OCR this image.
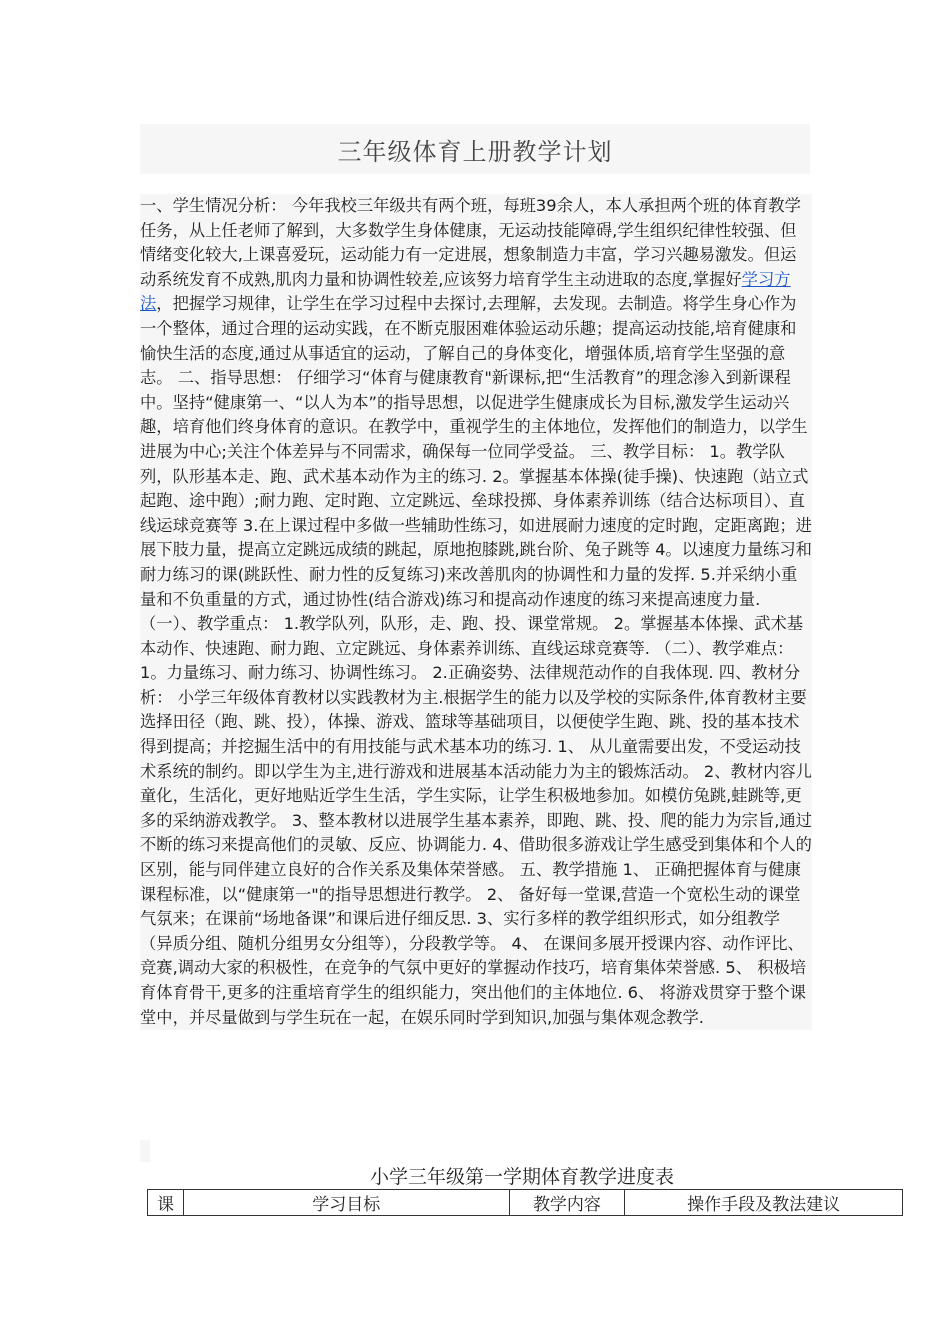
三年级体育上册教学计划
一、学生情况分析： 今年我校三年级共有两个班，每班39余人，本人承担两个班的体育教学任务，从上任老师了解到，大多数学生身体健康，无运动技能障碍,学生组织纪律性较强、但情绪变化较大,上课喜爱玩，运动能力有一定进展，想象制造力丰富，学习兴趣易激发。但运动系统发育不成熟,肌肉力量和协调性较差,应该努力培育学生主动进取的态度,掌握好学习方法，把握学习规律，让学生在学习过程中去探讨,去理解，去发现。去制造。将学生身心作为一个整体，通过合理的运动实践，在不断克服困难体验运动乐趣；提高运动技能,培育健康和愉快生活的态度,通过从事适宜的运动，了解自己的身体变化，增强体质,培育学生坚强的意志。 二、指导思想： 仔细学习“体育与健康教育"新课标,把“生活教育”的理念渗入到新课程中。坚持“健康第一、“以人为本”的指导思想，以促进学生健康成长为目标,激发学生运动兴趣，培育他们终身体育的意识。在教学中，重视学生的主体地位，发挥他们的制造力，以学生进展为中心;关注个体差异与不同需求，确保每一位同学受益。 三、教学目标： 1。教学队列，队形基本走、跑、武术基本动作为主的练习. 2。掌握基本体操(徒手操)、快速跑（站立式起跑、途中跑）;耐力跑、定时跑、立定跳远、垒球投掷、身体素养训练（结合达标项目）、直线运球竞赛等 3.在上课过程中多做一些辅助性练习，如进展耐力速度的定时跑，定距离跑；进展下肢力量，提高立定跳远成绩的跳起，原地抱膝跳,跳台阶、兔子跳等 4。以速度力量练习和耐力练习的课(跳跃性、耐力性的反复练习)来改善肌肉的协调性和力量的发挥. 5.并采纳小重量和不负重量的方式，通过协性(结合游戏)练习和提高动作速度的练习来提高速度力量. （一）、教学重点： 1.教学队列，队形，走、跑、投、课堂常规。 2。掌握基本体操、武术基本动作、快速跑、耐力跑、立定跳远、身体素养训练、直线运球竞赛等. （二）、教学难点：1。力量练习、耐力练习、协调性练习。 2.正确姿势、法律规范动作的自我体现. 四、教材分析： 小学三年级体育教材以实践教材为主.根据学生的能力以及学校的实际条件,体育教材主要选择田径（跑、跳、投），体操、游戏、篮球等基础项目，以便使学生跑、跳、投的基本技术得到提高；并挖掘生活中的有用技能与武术基本功的练习. 1、 从儿童需要出发，不受运动技术系统的制约。即以学生为主,进行游戏和进展基本活动能力为主的锻炼活动。 2、教材内容儿童化，生活化，更好地贴近学生生活，学生实际，让学生积极地参加。如模仿兔跳,蛙跳等,更多的采纳游戏教学。 3、整本教材以进展学生基本素养，即跑、跳、投、爬的能力为宗旨,通过不断的练习来提高他们的灵敏、反应、协调能力. 4、借助很多游戏让学生感受到集体和个人的区别，能与同伴建立良好的合作关系及集体荣誉感。 五、教学措施 1、 正确把握体育与健康课程标准，以“健康第一"的指导思想进行教学。 2、 备好每一堂课,营造一个宽松生动的课堂气氛来；在课前“场地备课”和课后进仔细反思. 3、实行多样的教学组织形式，如分组教学（异质分组、随机分组男女分组等），分段教学等。 4、 在课间多展开授课内容、动作评比、竞赛,调动大家的积极性，在竞争的气氛中更好的掌握动作技巧，培育集体荣誉感. 5、 积极培育体育骨干,更多的注重培育学生的组织能力，突出他们的主体地位. 6、 将游戏贯穿于整个课堂中，并尽量做到与学生玩在一起，在娱乐同时学到知识,加强与集体观念教学.
小学三年级第一学期体育教学进度表
课	学习目标	教学内容	操作手段及教法建议
